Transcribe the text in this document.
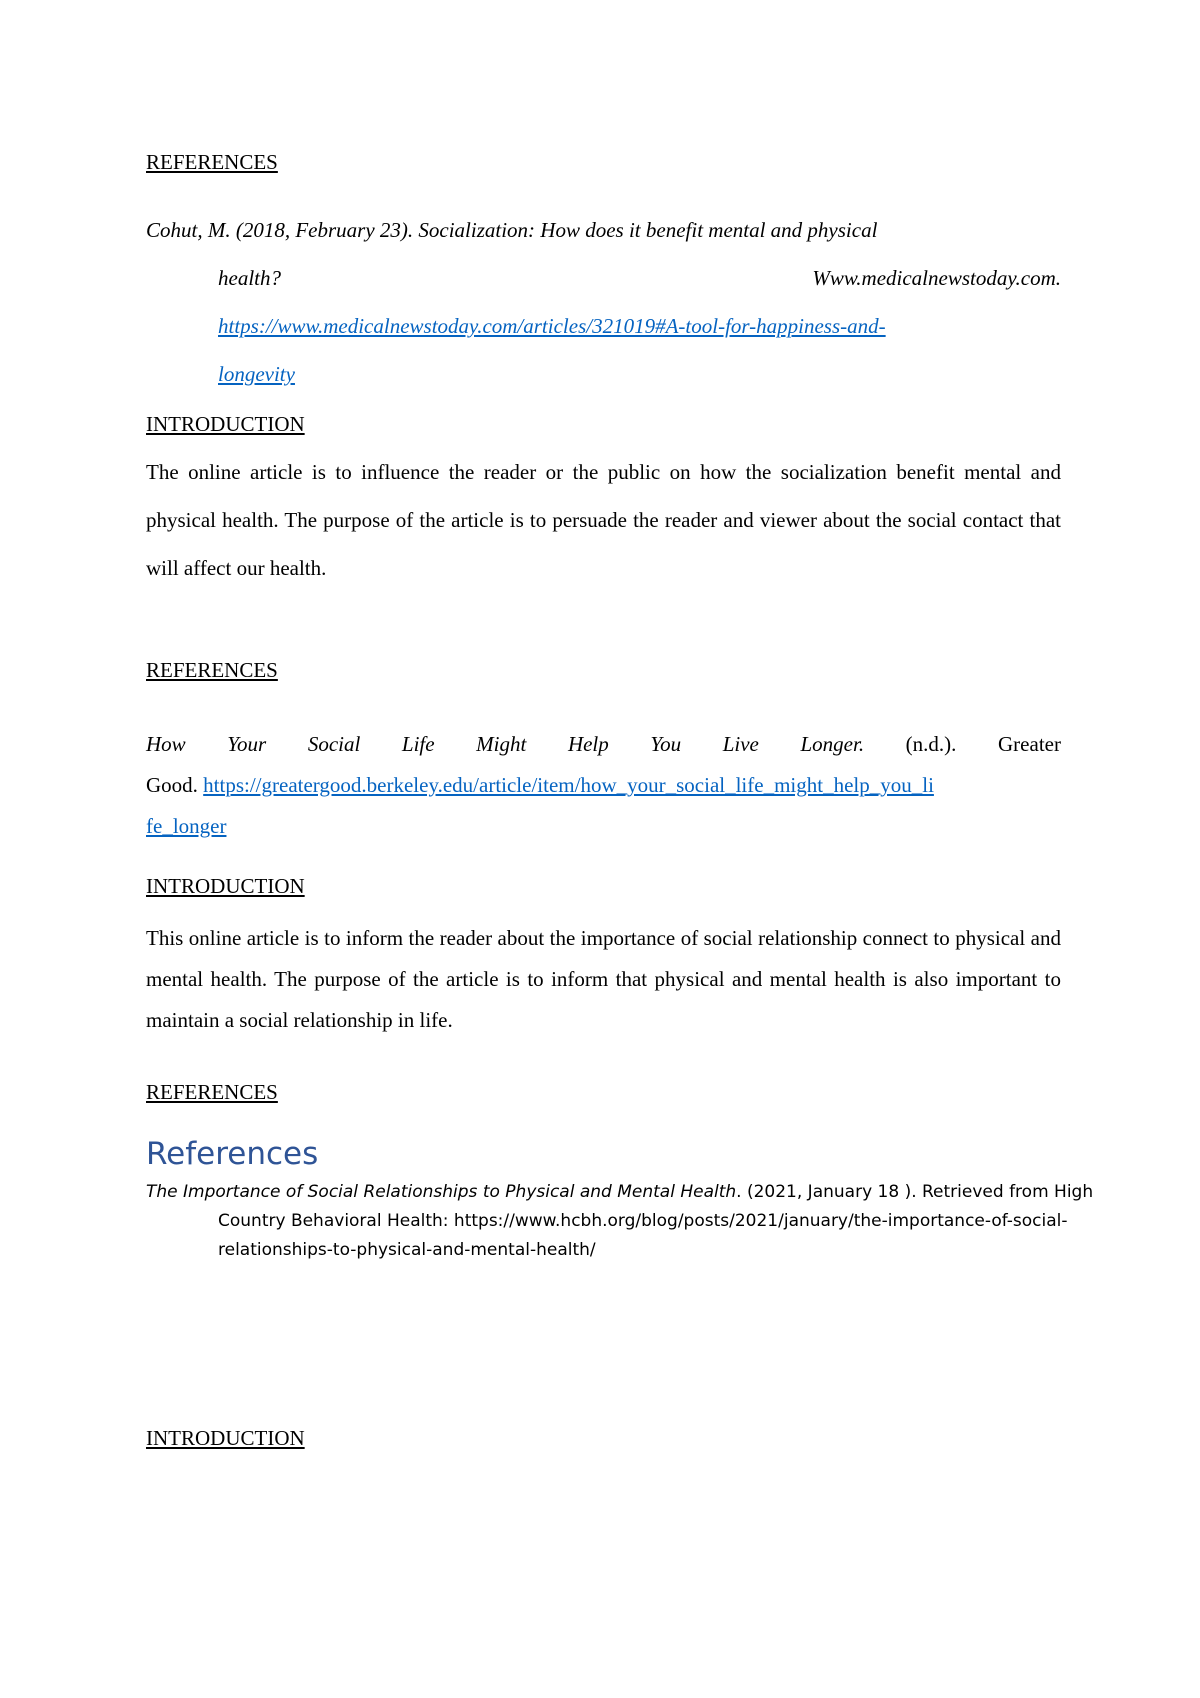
REFERENCES
Cohut, M. (2018, February 23). Socialization: How does it benefit mental and physical
health?	Www.medicalnewstoday.com.
https://www.medicalnewstoday.com/articles/321019#A-tool-for-happiness-and-
longevity
INTRODUCTION
The online article is to influence the reader or the public on how the socialization benefit mental and physical health. The purpose of the article is to persuade the reader and viewer about the social contact that will affect our health.
REFERENCES
How Your Social Life Might Help You Live Longer. (n.d.). Greater
Good. https://greatergood.berkeley.edu/article/item/how_your_social_life_might_help_you_li
fe_longer
INTRODUCTION
This online article is to inform the reader about the importance of social relationship connect to physical and mental health. The purpose of the article is to inform that physical and mental health is also important to maintain a social relationship in life.
REFERENCES
References
The Importance of Social Relationships to Physical and Mental Health. (2021, January 18 ). Retrieved from High Country Behavioral Health: https://www.hcbh.org/blog/posts/2021/january/the-importance-of-social-relationships-to-physical-and-mental-health/
INTRODUCTION
